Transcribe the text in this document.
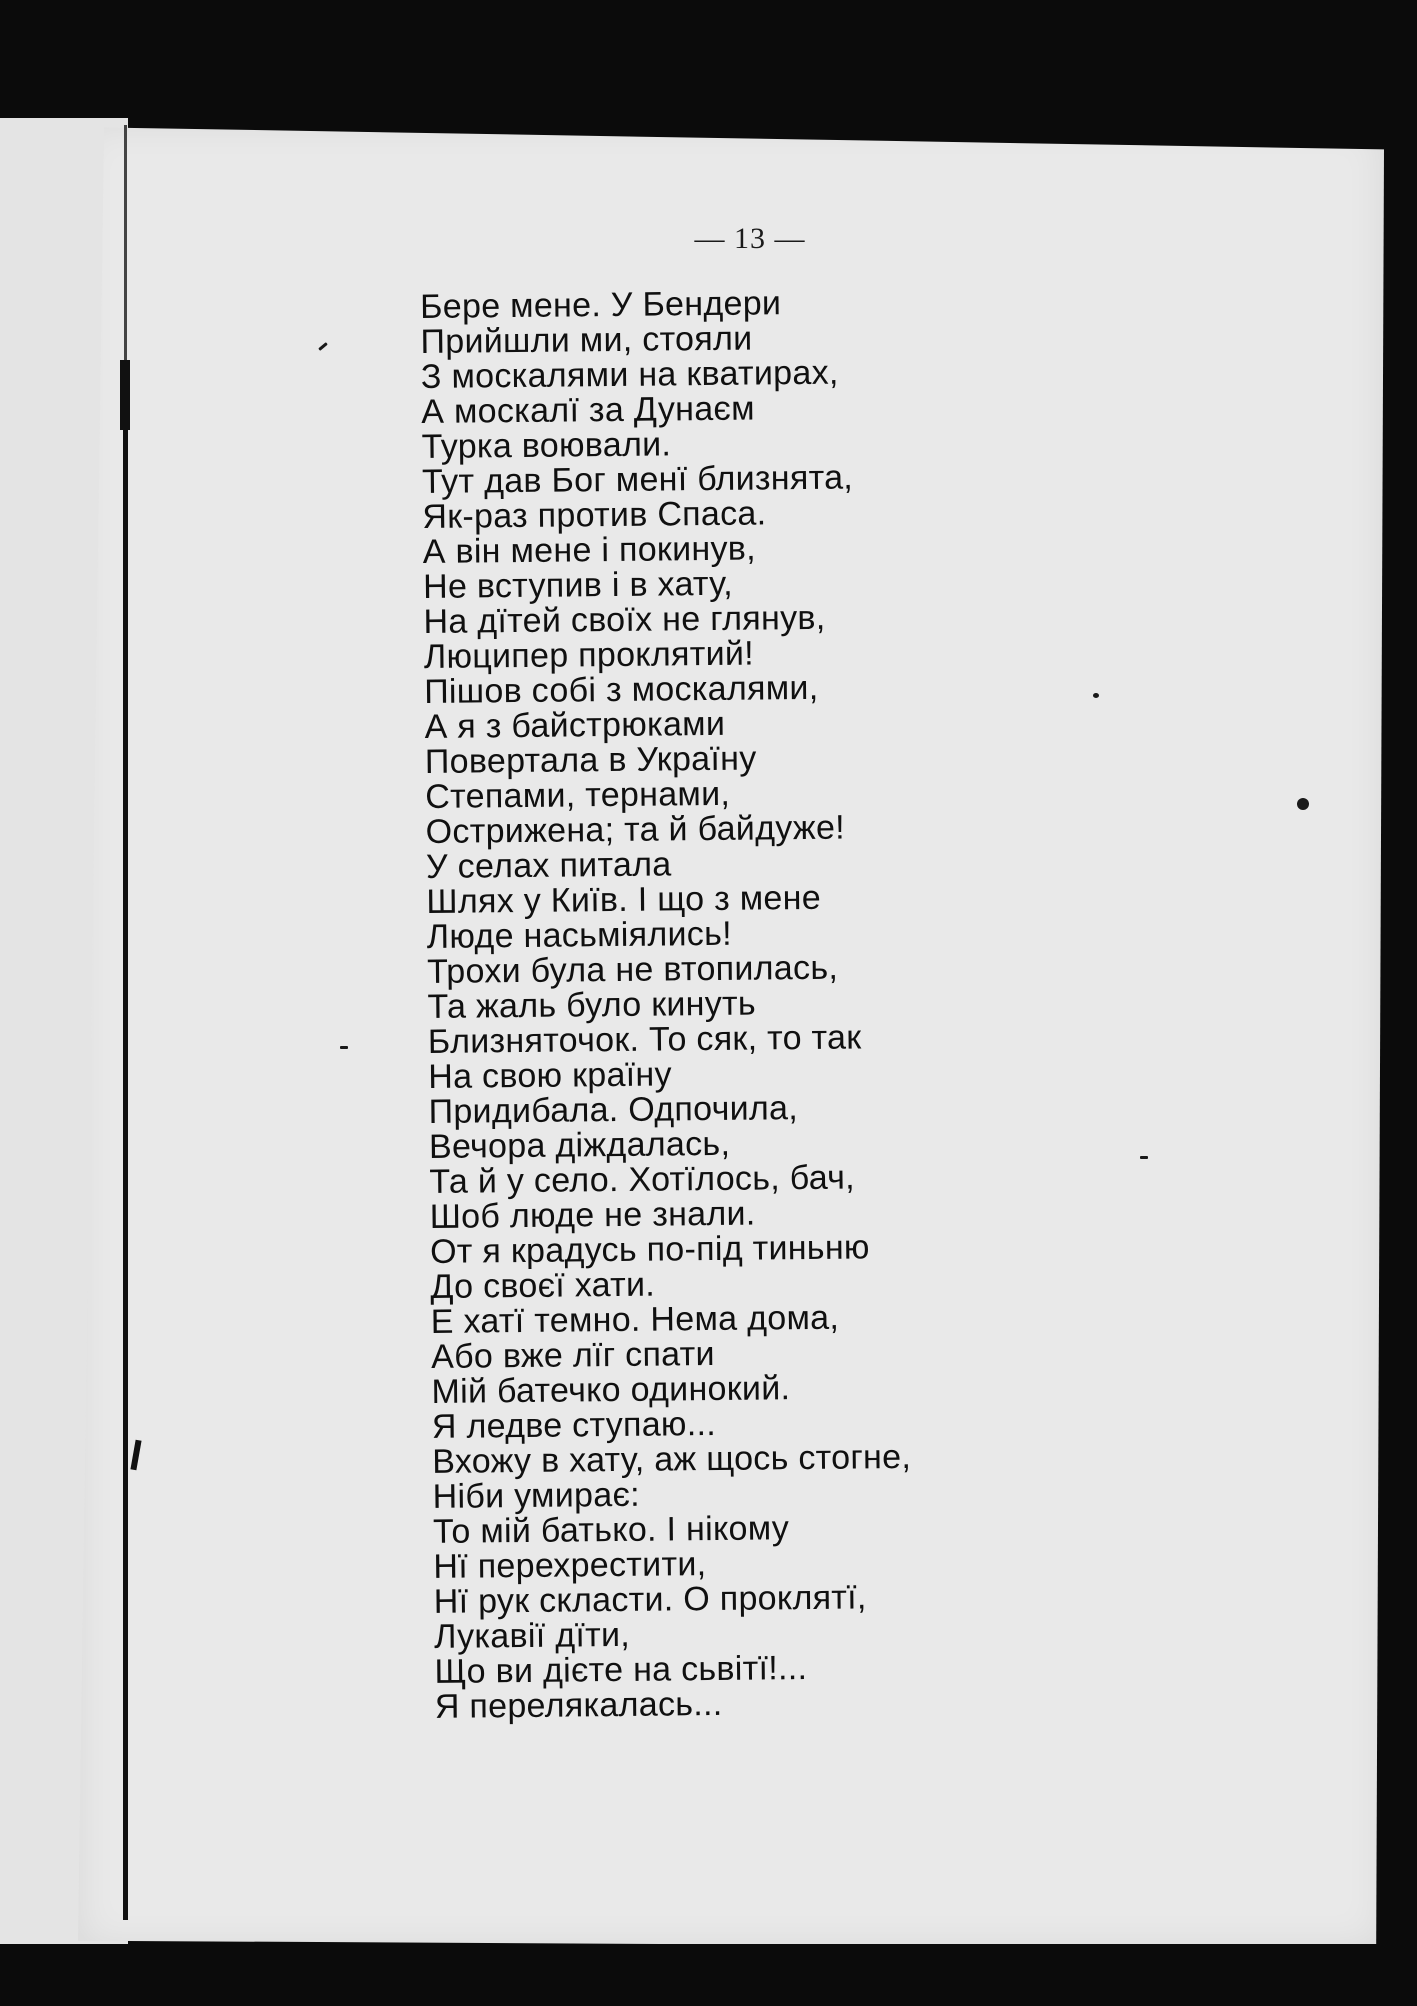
— 13 —
Бере мене. У Бендери
Прийшли ми, стояли
З москалями на кватирах,
А москалї за Дунаєм
Турка воювали.
Тут дав Бог менї близнята,
Як-раз против Спаса.
А він мене і покинув,
Не вступив і в хату,
На дїтей своїх не глянув,
Люципер проклятий!
Пішов собі з москалями,
А я з байстрюками
Повертала в Україну
Степами, тернами,
Острижена; та й байдуже!
У селах питала
Шлях у Київ. І що з мене
Люде насьміялись!
Трохи була не втопилась,
Та жаль було кинуть
Близняточок. То сяк, то так
На свою країну
Придибала. Одпочила,
Вечора діждалась,
Та й у село. Хотїлось, бач,
Шоб люде не знали.
От я крадусь по-під тиньню
До своєї хати.
Е хатї темно. Нема дома,
Або вже лїг спати
Мій батечко одинокий.
Я ледве ступаю...
Вхожу в хату, аж щось стогне,
Ніби умирає:
То мій батько. І нікому
Нї перехрестити,
Нї рук скласти. О проклятї,
Лукавії дїти,
Що ви дієте на сьвітї!...
Я перелякалась...
